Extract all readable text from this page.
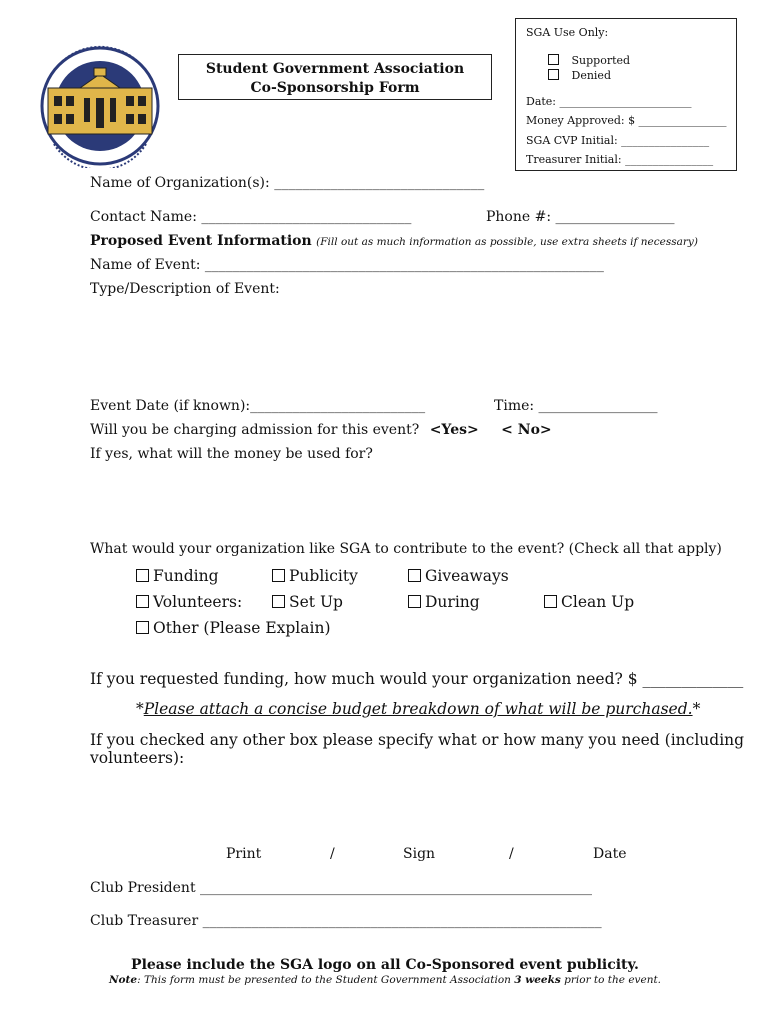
Student Government Association
Co-Sponsorship Form
SGA Use Only:
Supported
Denied
Date: ________________________
Money Approved: $ ________________
SGA CVP Initial: ________________
Treasurer Initial: ________________
Name of Organization(s): ______________________________
Contact Name: ______________________________	Phone #: _________________
Proposed Event Information (Fill out as much information as possible, use extra sheets if necessary)
Name of Event: _________________________________________________________
Type/Description of Event:
Event Date (if known):_________________________	Time: _________________
Will you be charging admission for this event? <Yes> < No>
If yes, what will the money be used for?
What would your organization like SGA to contribute to the event? (Check all that apply)
Funding	Publicity	Giveaways
Volunteers:	Set Up	During	Clean Up
Other (Please Explain)
If you requested funding, how much would your organization need? $ _____________
*Please attach a concise budget breakdown of what will be purchased.*
If you checked any other box please specify what or how many you need (including
volunteers):
Print	/	Sign	/	Date
Club President ________________________________________________________
Club Treasurer _________________________________________________________
Please include the SGA logo on all Co-Sponsored event publicity.
Note: This form must be presented to the Student Government Association 3 weeks prior to the event.
